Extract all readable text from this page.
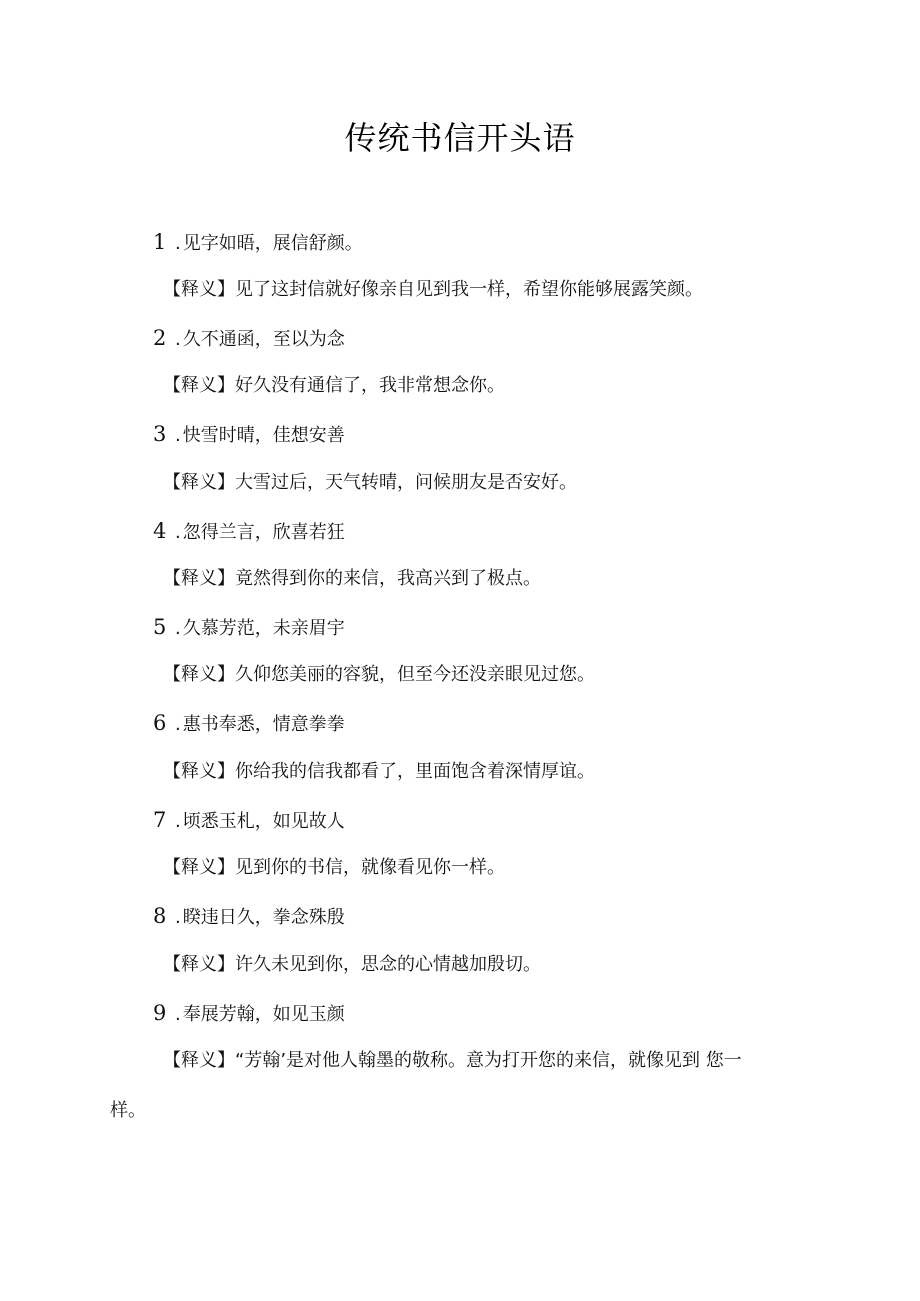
传统书信开头语
1 . 见字如晤，展信舒颜。
【释义】见了这封信就好像亲自见到我一样，希望你能够展露笑颜。
2 . 久不通函，至以为念
【释义】好久没有通信了，我非常想念你。
3 . 快雪时晴，佳想安善
【释义】大雪过后，天气转晴，问候朋友是否安好。
4 . 忽得兰言，欣喜若狂
【释义】竟然得到你的来信，我高兴到了极点。
5 . 久慕芳范，未亲眉宇
【释义】久仰您美丽的容貌，但至今还没亲眼见过您。
6 . 惠书奉悉，情意拳拳
【释义】你给我的信我都看了，里面饱含着深情厚谊。
7 . 顷悉玉札，如见故人
【释义】见到你的书信，就像看见你一样。
8 . 睽违日久，拳念殊殷
【释义】许久未见到你，思念的心情越加殷切。
9 . 奉展芳翰，如见玉颜
【释义】“芳翰’是对他人翰墨的敬称。意为打开您的来信，就像见到 您一
样。
